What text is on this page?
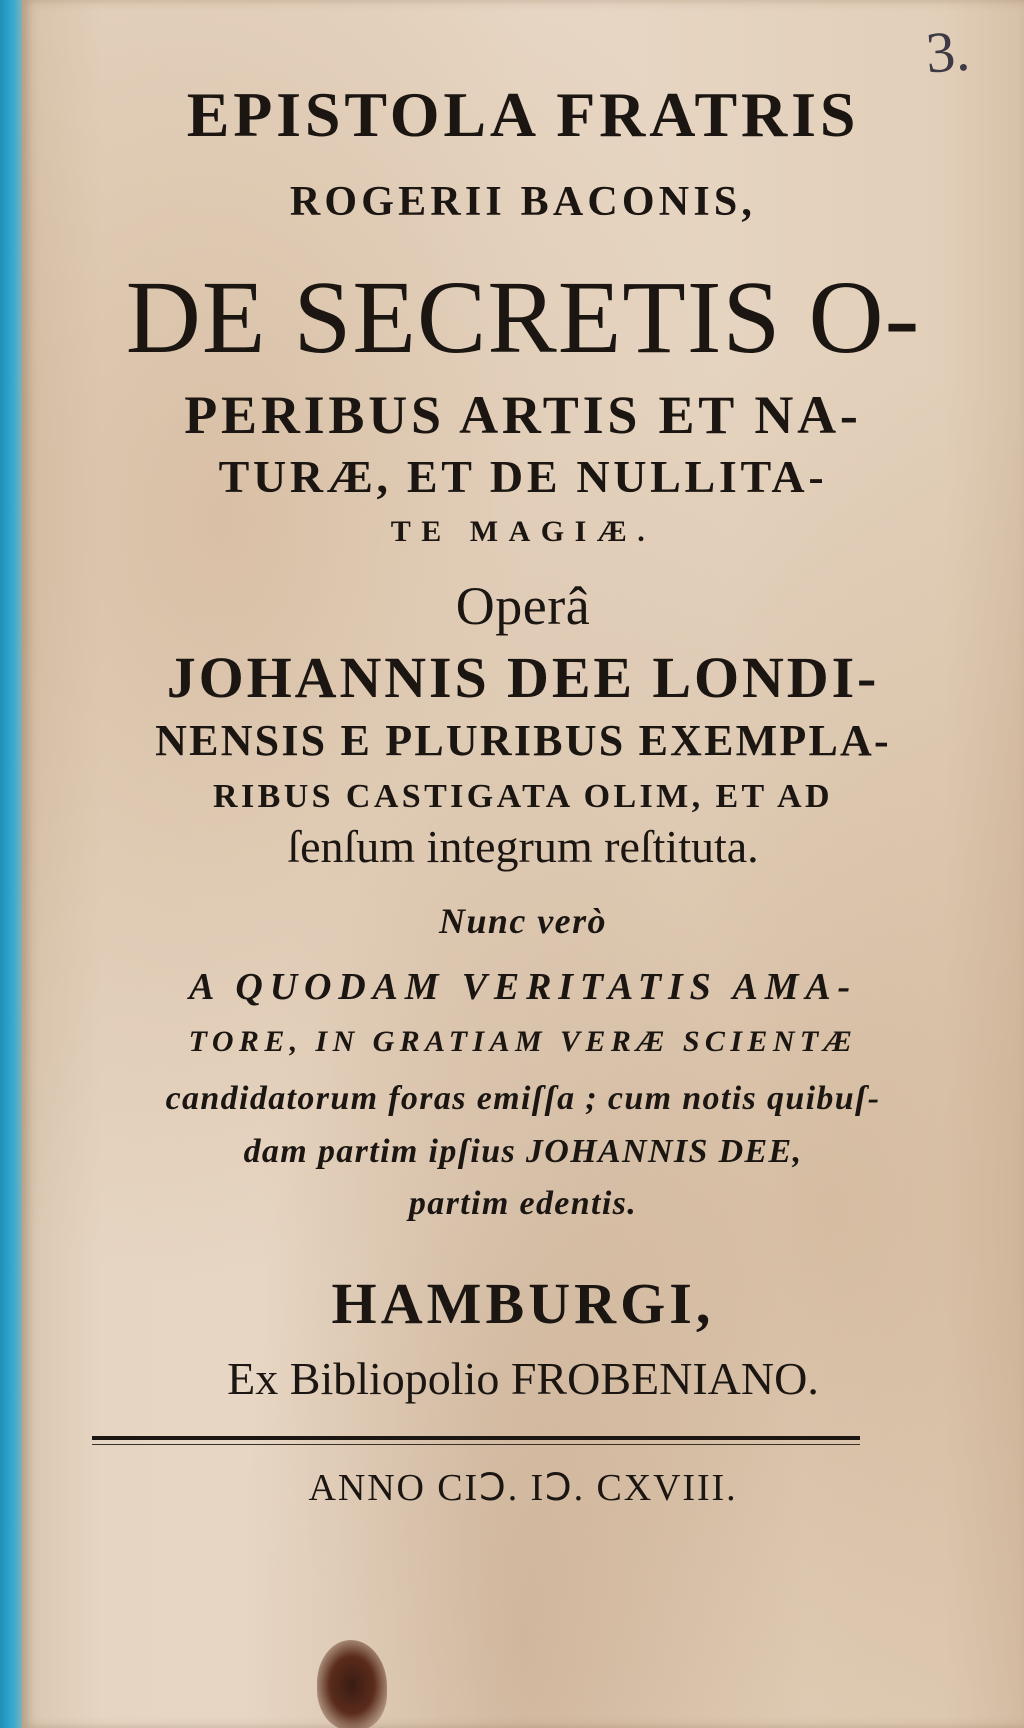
3.
EPISTOLA FRATRIS
ROGERII BACONIS,
DE SECRETIS O-
PERIBUS ARTIS ET NA-
TURÆ, ET DE NULLITA-
TE MAGIÆ.
Operâ
JOHANNIS DEE LONDI-
NENSIS E PLURIBUS EXEMPLA-
RIBUS CASTIGATA OLIM, ET AD
ſenſum integrum reſtituta.
Nunc verò
A QUODAM VERITATIS AMA-
TORE, IN GRATIAM VERÆ SCIENTÆ
candidatorum foras emiſſa ; cum notis quibuſ-
dam partim ipſius JOHANNIS DEE,
partim edentis.
HAMBURGI,
Ex Bibliopolio FROBENIANO.
ANNO CIↃ. IↃ. CXVIII.
